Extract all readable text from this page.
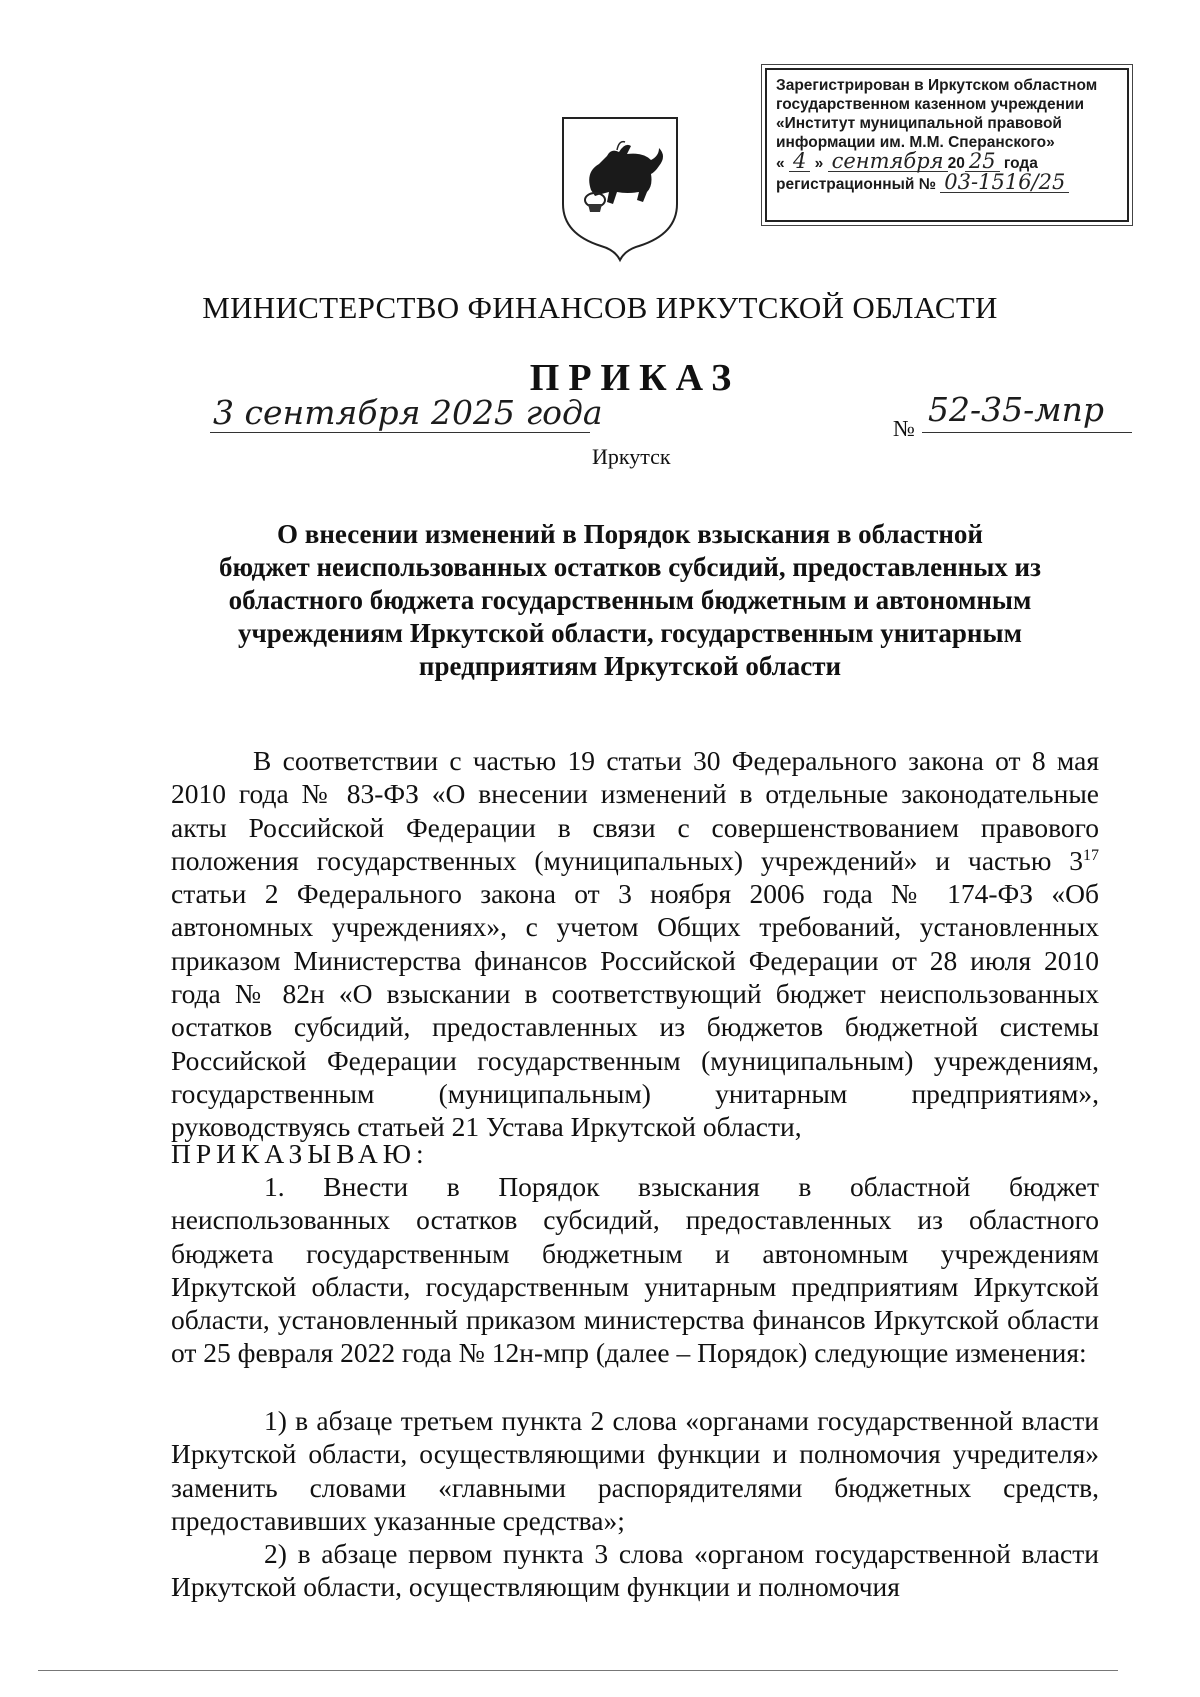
Зарегистрирован в Иркутском областном
государственном казенном учреждении
«Институт муниципальной правовой
информации им. М.М. Сперанского»
« 4 » сентября 20 25 года
регистрационный № 03-1516/25
МИНИСТЕРСТВО ФИНАНСОВ ИРКУТСКОЙ ОБЛАСТИ
ПРИКАЗ
3 сентября 2025 года	№ 52-35-мпр
Иркутск
О внесении изменений в Порядок взыскания в областной
бюджет неиспользованных остатков субсидий, предоставленных из
областного бюджета государственным бюджетным и автономным
учреждениям Иркутской области, государственным унитарным
предприятиям Иркутской области

В соответствии с частью 19 статьи 30 Федерального закона от 8 мая 2010 года № 83-ФЗ «О внесении изменений в отдельные законодательные акты Российской Федерации в связи с совершенствованием правового положения государственных (муниципальных) учреждений» и частью $3^{17}$ статьи 2 Федерального закона от 3 ноября 2006 года № 174-ФЗ «Об автономных учреждениях», с учетом Общих требований, установленных приказом Министерства финансов Российской Федерации от 28 июля 2010 года № 82н «О взыскании в соответствующий бюджет неиспользованных остатков субсидий, предоставленных из бюджетов бюджетной системы Российской Федерации государственным (муниципальным) учреждениям, государственным (муниципальным) унитарным предприятиям», руководствуясь статьей 21 Устава Иркутской области,

ПРИКАЗЫВАЮ:

1. Внести в Порядок взыскания в областной бюджет неиспользованных остатков субсидий, предоставленных из областного бюджета государственным бюджетным и автономным учреждениям Иркутской области, государственным унитарным предприятиям Иркутской области, установленный приказом министерства финансов Иркутской области от 25 февраля 2022 года № 12н-мпр (далее – Порядок) следующие изменения:

1) в абзаце третьем пункта 2 слова «органами государственной власти Иркутской области, осуществляющими функции и полномочия учредителя» заменить словами «главными распорядителями бюджетных средств, предоставивших указанные средства»;

2) в абзаце первом пункта 3 слова «органом государственной власти Иркутской области, осуществляющим функции и полномочия
